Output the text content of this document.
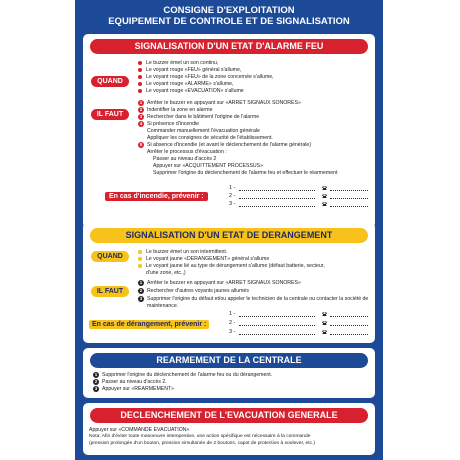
CONSIGNE D'EXPLOITATION
EQUIPEMENT DE CONTROLE ET DE SIGNALISATION
SIGNALISATION D'UN ETAT D'ALARME FEU
QUAND
Le buzzer émet un son continu,
Le voyant rouge «FEU» général s'allume,
Le voyant rouge «FEU» de la zone concernée s'allume,
Le voyant rouge «ALARME» s'allume,
Le voyant rouge «EVACUATION» s'allume
IL FAUT
1 Arrêter le buzzer en appuyant sur «ARRET SIGNAUX SONORES»
2 Indentifier la zone en alarme
3 Rechercher dans le bâtiment l'origine de l'alarme
4 Si présence d'incendie
Commander manuellement l'évacuation générale
Appliquer les consignes de sécurité de l'établissement.
5 Si absence d'incendie (et avant le déclenchement de l'alarme générale)
Arrêter le processus d'évacuation :
Passer au niveau d'accès 2
Appuyer sur «ACQUITTEMENT PROCESSUS»
Supprimer l'origine du déclenchement de l'alarme feu et effectuer le réarmement
En cas d'incendie, prévenir :
1 -
2 -
3 -
SIGNALISATION D'UN ETAT DE DERANGEMENT
QUAND
Le buzzer émet un son intermittent.
Le voyant jaune «DERANGEMENT» général s'allume
Le voyant jaune lié au type de dérangement s'allume (défaut batterie, secteur,
d'une zone, etc.,)
IL FAUT
1 Arrêter le buzzer en appuyant sur «ARRET SIGNAUX SONORES»
2 Rechercher d'autres voyants jaunes allumés
3 Supprimer l'origine du défaut et/ou appeler le technicien de la centrale ou contacter la société de
maintenance.
En cas de dérangement, prévenir :
1 -
2 -
3 -
REARMEMENT DE LA CENTRALE
1 Supprimer l'origine du déclenchement de l'alarme feu ou du dérangement.
2 Passer au niveau d'accès 2.
3 Appuyer sur «REARMEMENT»
DECLENCHEMENT DE L'EVACUATION GENERALE
Appuyer sur «COMMANDE EVACUATION»
Nota: Afin d'éviter toute manoeuvre intempestive, une action spécifique est nécessaire à la commande
(pression prolongée d'un bouton, pression simultanée de 2 boutons, capot de protection à soulever, etc.)
